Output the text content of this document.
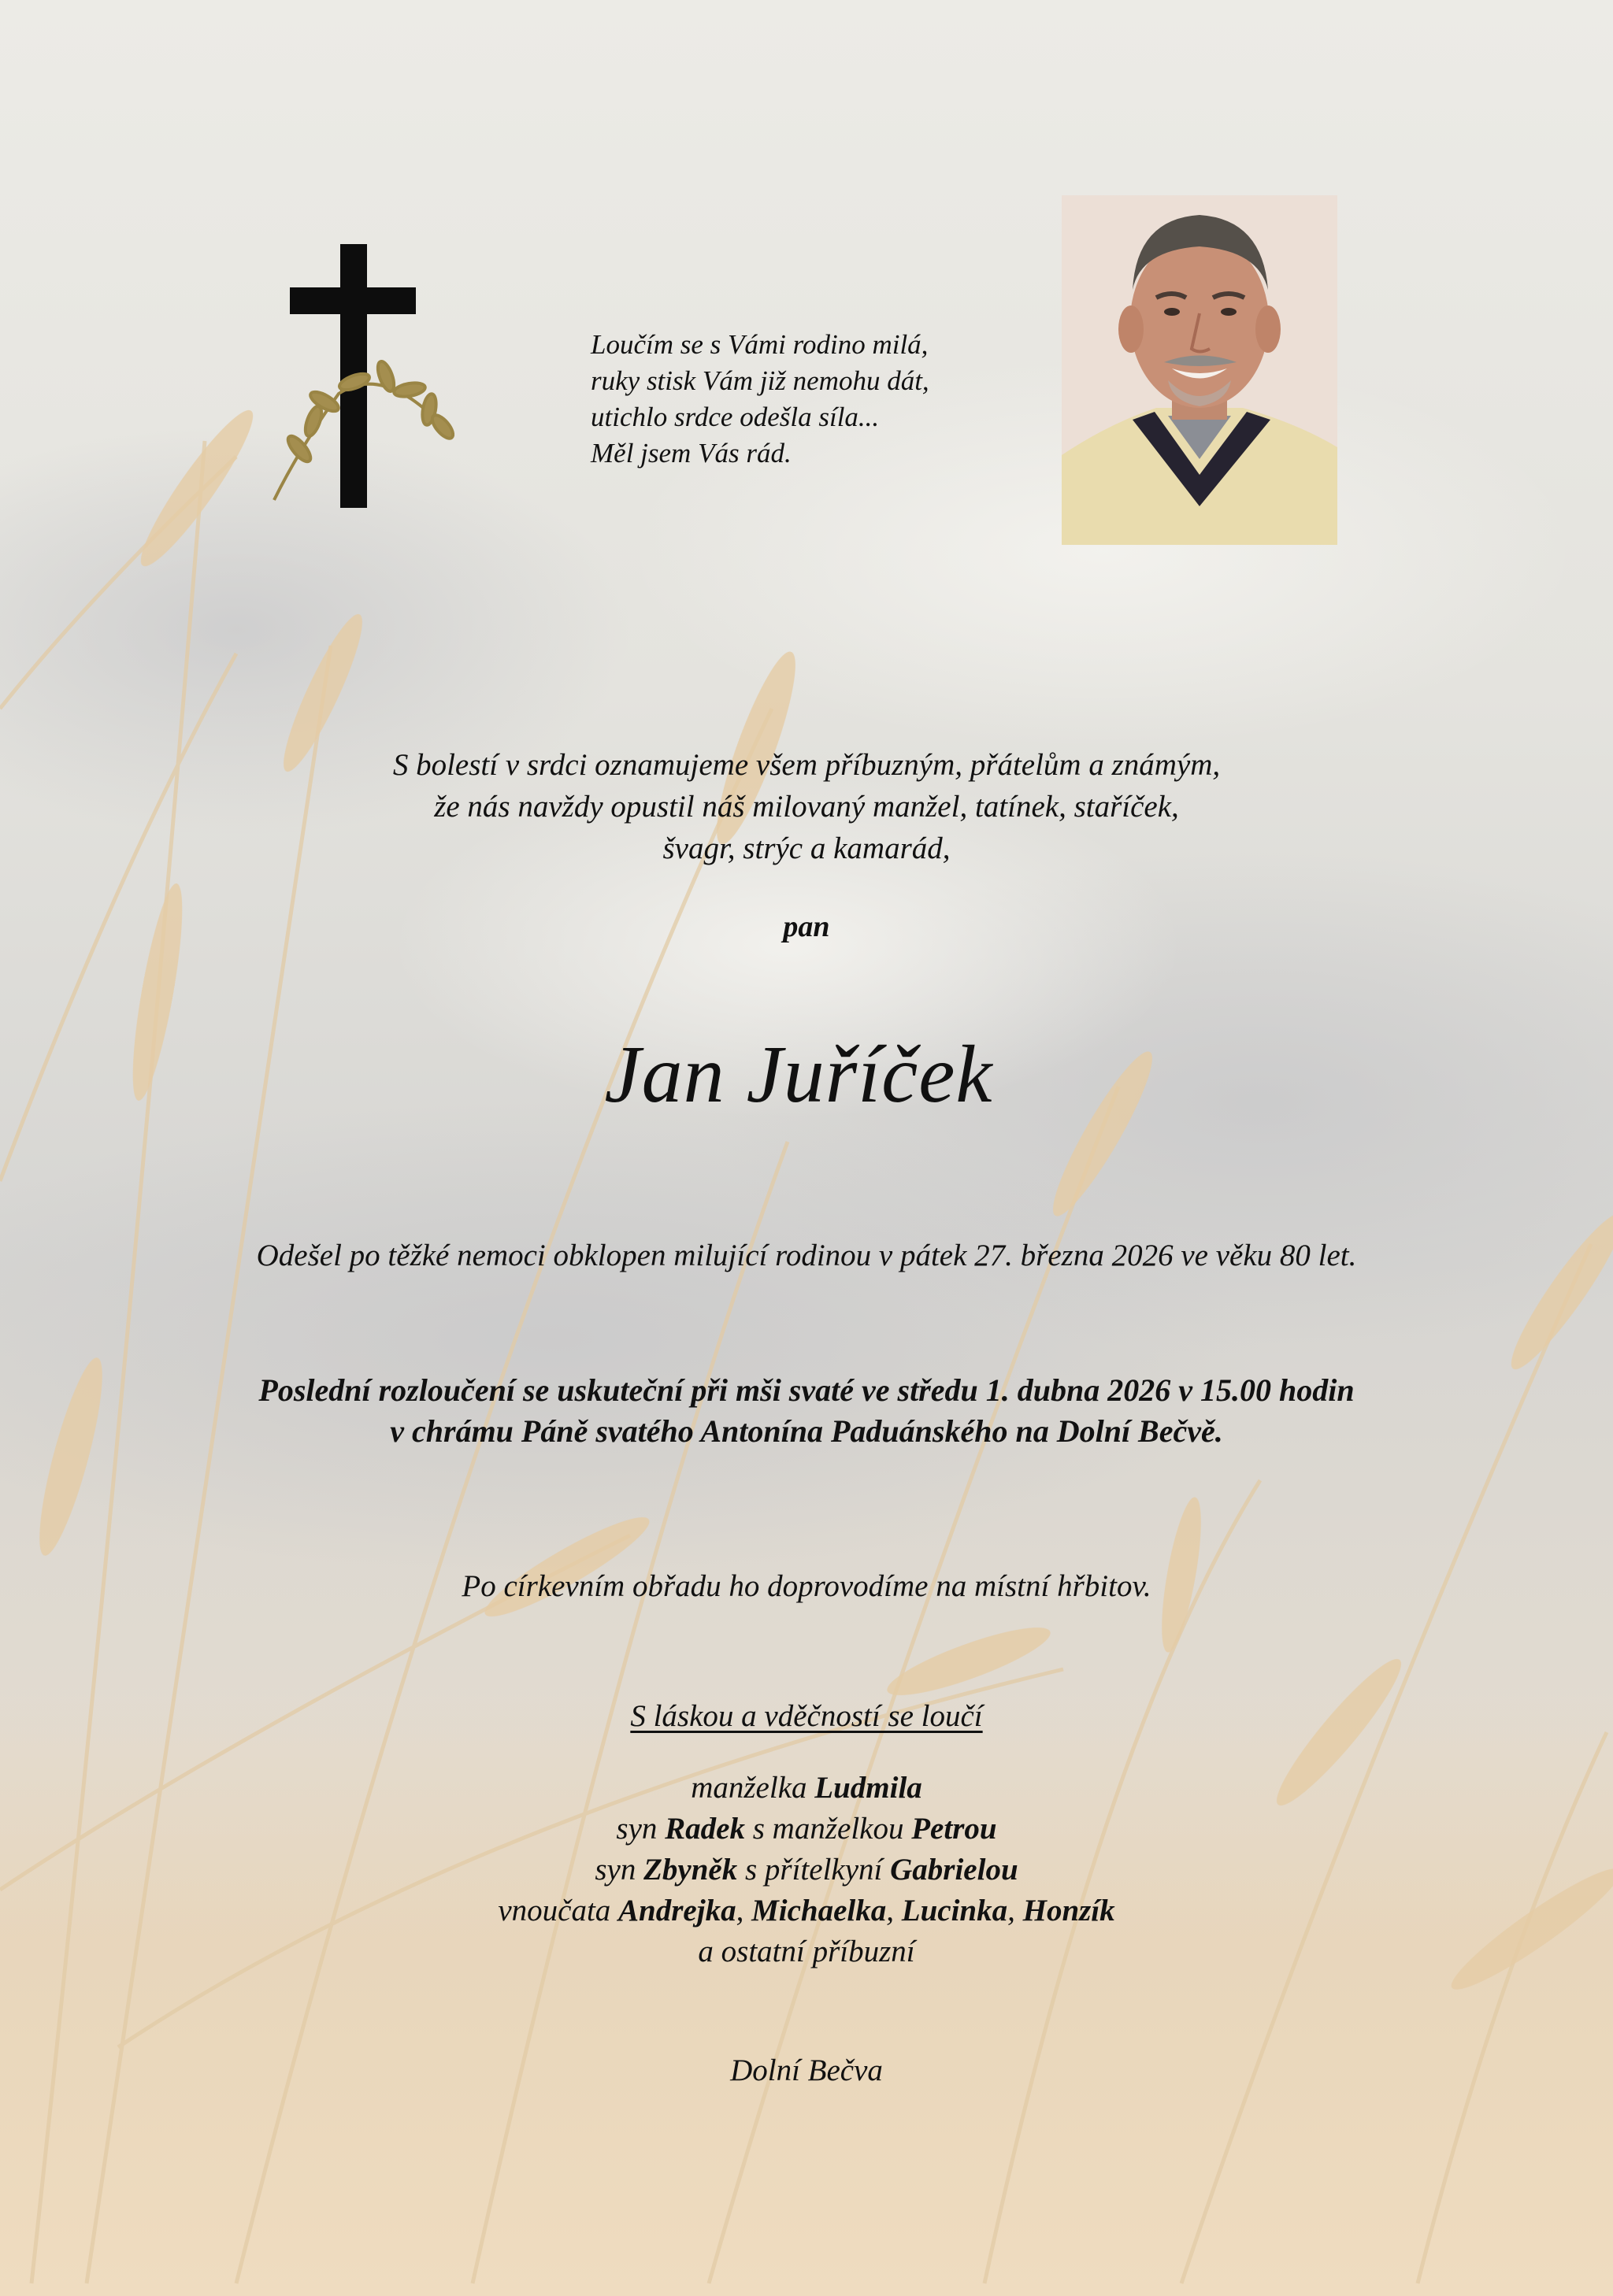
Loučím se s Vámi rodino milá,
ruky stisk Vám již nemohu dát,
utichlo srdce odešla síla...
Měl jsem Vás rád.
S bolestí v srdci oznamujeme všem příbuzným, přátelům a známým,
že nás navždy opustil náš milovaný manžel, tatínek, staříček,
švagr, strýc a kamarád,
pan
Jan Juříček
Odešel po těžké nemoci obklopen milující rodinou v pátek 27. března 2026 ve věku 80 let.
Poslední rozloučení se uskuteční při mši svaté ve středu 1. dubna 2026 v 15.00 hodin
v chrámu Páně svatého Antonína Paduánského na Dolní Bečvě.
Po církevním obřadu ho doprovodíme na místní hřbitov.
S láskou a vděčností se loučí
manželka Ludmila
syn Radek s manželkou Petrou
syn Zbyněk s přítelkyní Gabrielou
vnoučata Andrejka, Michaelka, Lucinka, Honzík
a ostatní příbuzní
Dolní Bečva
